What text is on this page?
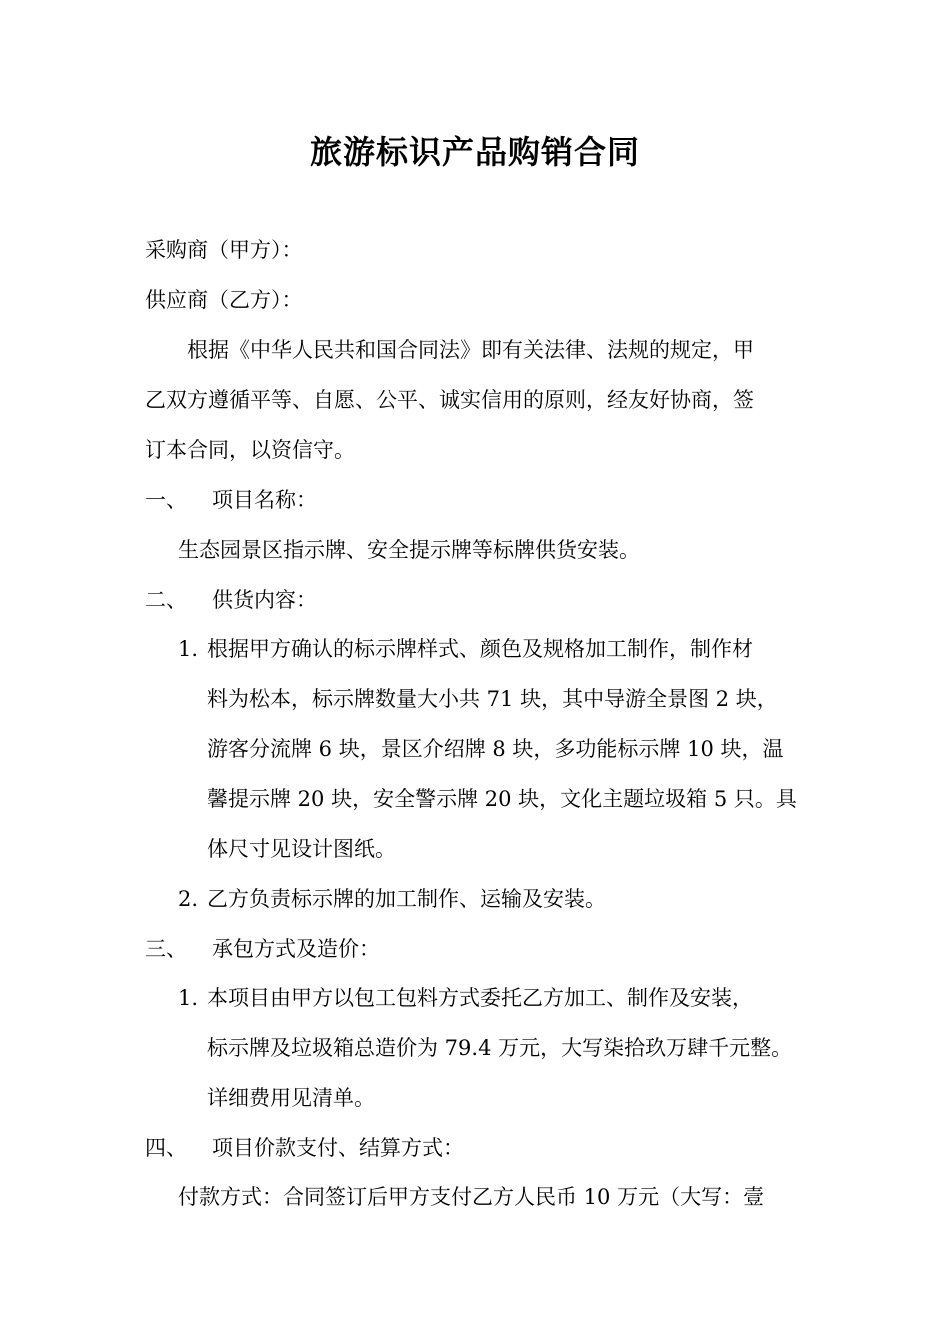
旅游标识产品购销合同
采购商（甲方）：
供应商（乙方）：
根据《中华人民共和国合同法》即有关法律、法规的规定，甲
乙双方遵循平等、自愿、公平、诚实信用的原则，经友好协商，签
订本合同，以资信守。
一、 项目名称：
生态园景区指示牌、安全提示牌等标牌供货安装。
二、 供货内容：
1. 根据甲方确认的标示牌样式、颜色及规格加工制作，制作材
料为松本，标示牌数量大小共 71 块，其中导游全景图 2 块，
游客分流牌 6 块，景区介绍牌 8 块，多功能标示牌 10 块，温
馨提示牌 20 块，安全警示牌 20 块，文化主题垃圾箱 5 只。具
体尺寸见设计图纸。
2. 乙方负责标示牌的加工制作、运输及安装。
三、 承包方式及造价：
1. 本项目由甲方以包工包料方式委托乙方加工、制作及安装，
标示牌及垃圾箱总造价为 79.4 万元，大写柒拾玖万肆千元整。
详细费用见清单。
四、 项目价款支付、结算方式：
付款方式：合同签订后甲方支付乙方人民币 10 万元（大写：壹
